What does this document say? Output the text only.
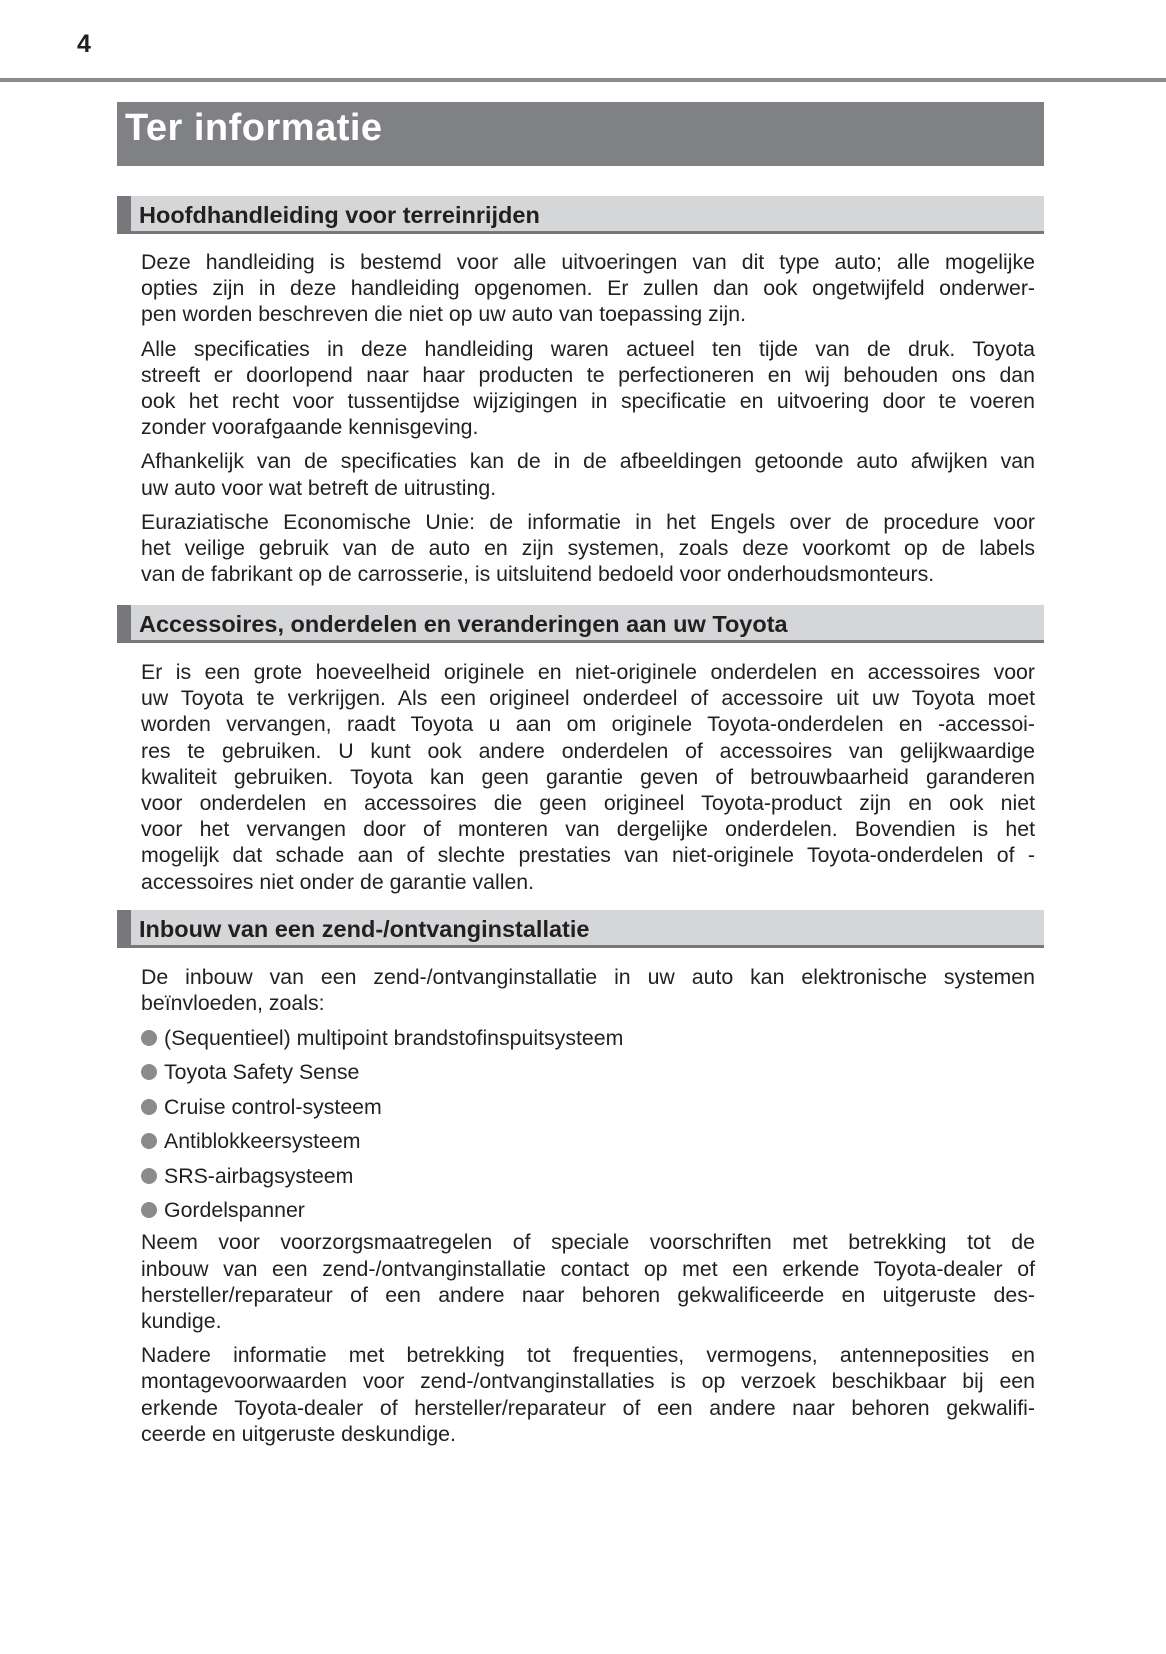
4
Ter informatie
Hoofdhandleiding voor terreinrijden
Deze handleiding is bestemd voor alle uitvoeringen van dit type auto; alle mogelijke
opties zijn in deze handleiding opgenomen. Er zullen dan ook ongetwijfeld onderwer-
pen worden beschreven die niet op uw auto van toepassing zijn.
Alle specificaties in deze handleiding waren actueel ten tijde van de druk. Toyota
streeft er doorlopend naar haar producten te perfectioneren en wij behouden ons dan
ook het recht voor tussentijdse wijzigingen in specificatie en uitvoering door te voeren
zonder voorafgaande kennisgeving.
Afhankelijk van de specificaties kan de in de afbeeldingen getoonde auto afwijken van
uw auto voor wat betreft de uitrusting.
Euraziatische Economische Unie: de informatie in het Engels over de procedure voor
het veilige gebruik van de auto en zijn systemen, zoals deze voorkomt op de labels
van de fabrikant op de carrosserie, is uitsluitend bedoeld voor onderhoudsmonteurs.
Accessoires, onderdelen en veranderingen aan uw Toyota
Er is een grote hoeveelheid originele en niet-originele onderdelen en accessoires voor
uw Toyota te verkrijgen. Als een origineel onderdeel of accessoire uit uw Toyota moet
worden vervangen, raadt Toyota u aan om originele Toyota-onderdelen en -accessoi-
res te gebruiken. U kunt ook andere onderdelen of accessoires van gelijkwaardige
kwaliteit gebruiken. Toyota kan geen garantie geven of betrouwbaarheid garanderen
voor onderdelen en accessoires die geen origineel Toyota-product zijn en ook niet
voor het vervangen door of monteren van dergelijke onderdelen. Bovendien is het
mogelijk dat schade aan of slechte prestaties van niet-originele Toyota-onderdelen of -
accessoires niet onder de garantie vallen.
Inbouw van een zend-/ontvanginstallatie
De inbouw van een zend-/ontvanginstallatie in uw auto kan elektronische systemen
beïnvloeden, zoals:
(Sequentieel) multipoint brandstofinspuitsysteem
Toyota Safety Sense
Cruise control-systeem
Antiblokkeersysteem
SRS-airbagsysteem
Gordelspanner
Neem voor voorzorgsmaatregelen of speciale voorschriften met betrekking tot de
inbouw van een zend-/ontvanginstallatie contact op met een erkende Toyota-dealer of
hersteller/reparateur of een andere naar behoren gekwalificeerde en uitgeruste des-
kundige.
Nadere informatie met betrekking tot frequenties, vermogens, antenneposities en
montagevoorwaarden voor zend-/ontvanginstallaties is op verzoek beschikbaar bij een
erkende Toyota-dealer of hersteller/reparateur of een andere naar behoren gekwalifi-
ceerde en uitgeruste deskundige.
